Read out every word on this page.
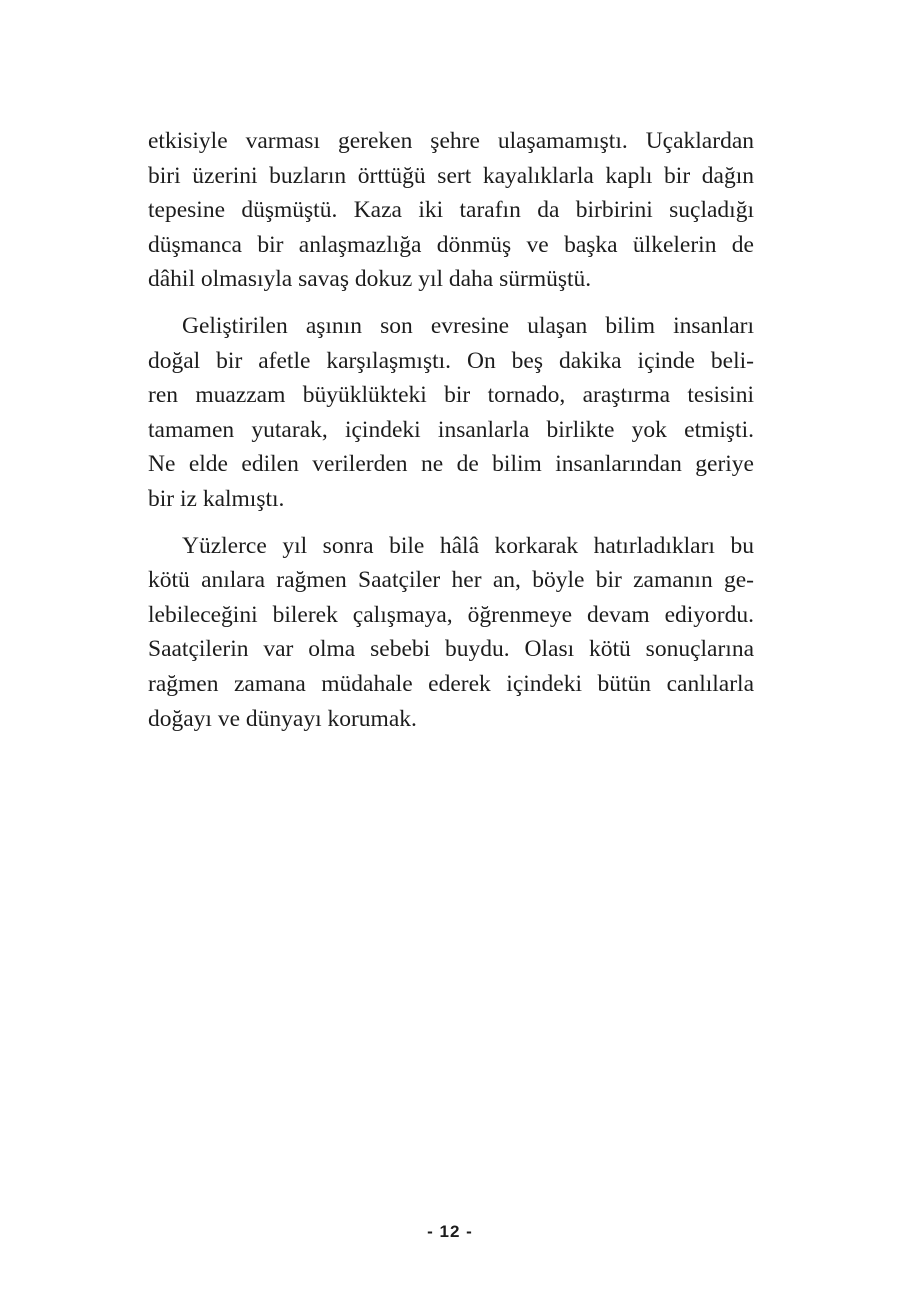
etkisiyle varması gereken şehre ulaşamamıştı. Uçaklardan
biri üzerini buzların örttüğü sert kayalıklarla kaplı bir dağın
tepesine düşmüştü. Kaza iki tarafın da birbirini suçladığı
düşmanca bir anlaşmazlığa dönmüş ve başka ülkelerin de
dâhil olmasıyla savaş dokuz yıl daha sürmüştü.
Geliştirilen aşının son evresine ulaşan bilim insanları
doğal bir afetle karşılaşmıştı. On beş dakika içinde beli-
ren muazzam büyüklükteki bir tornado, araştırma tesisini
tamamen yutarak, içindeki insanlarla birlikte yok etmişti.
Ne elde edilen verilerden ne de bilim insanlarından geriye
bir iz kalmıştı.
Yüzlerce yıl sonra bile hâlâ korkarak hatırladıkları bu
kötü anılara rağmen Saatçiler her an, böyle bir zamanın ge-
lebileceğini bilerek çalışmaya, öğrenmeye devam ediyordu.
Saatçilerin var olma sebebi buydu. Olası kötü sonuçlarına
rağmen zamana müdahale ederek içindeki bütün canlılarla
doğayı ve dünyayı korumak.
- 12 -
